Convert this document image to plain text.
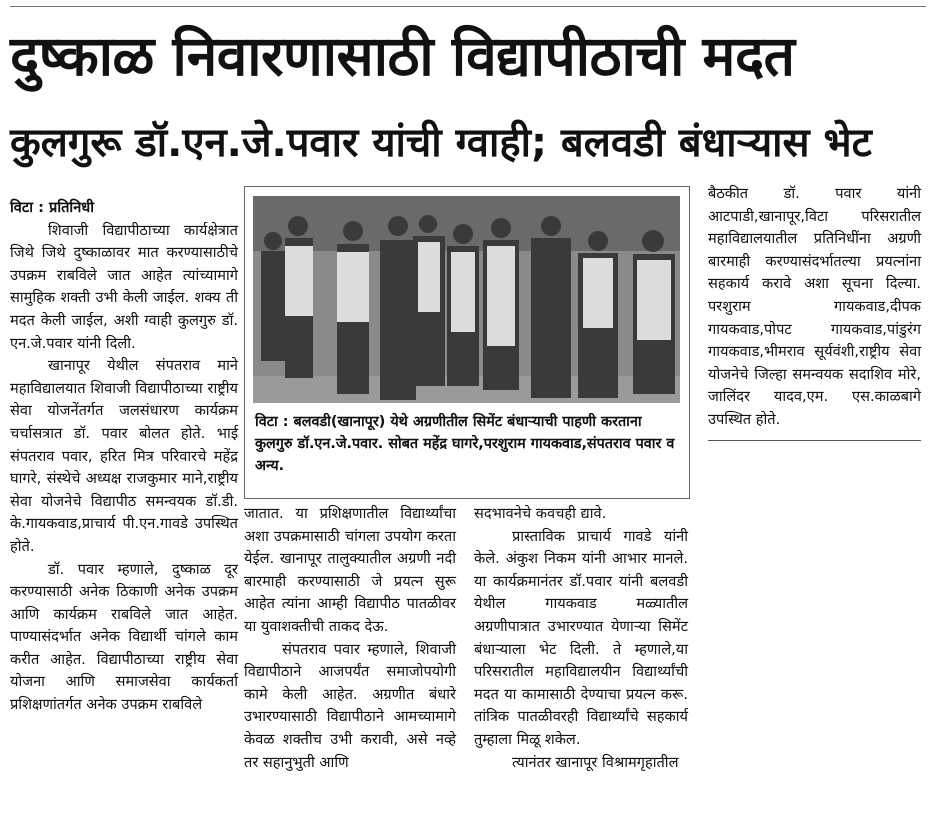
दुष्काळ निवारणासाठी विद्यापीठाची मदत
कुलगुरू डॉ.एन.जे.पवार यांची ग्वाही; बलवडी बंधाऱ्यास भेट

विटा : प्रतिनिधी

शिवाजी विद्यापीठाच्या कार्यक्षेत्रात जिथे जिथे दुष्काळावर मात करण्यासाठीचे उपक्रम राबविले जात आहेत त्यांच्यामागे सामुहिक शक्ती उभी केली जाईल. शक्य ती मदत केली जाईल, अशी ग्वाही कुलगुरु डॉ. एन.जे.पवार यांनी दिली.

खानापूर येथील संपतराव माने महाविद्यालयात शिवाजी विद्यापीठाच्या राष्ट्रीय सेवा योजनेंतर्गत जलसंधारण कार्यक्रम चर्चासत्रात डॉ. पवार बोलत होते. भाई संपतराव पवार, हरित मित्र परिवारचे महेंद्र घागरे, संस्थेचे अध्यक्ष राजकुमार माने,राष्ट्रीय सेवा योजनेचे विद्यापीठ समन्वयक डॉ.डी. के.गायकवाड,प्राचार्य पी.एन.गावडे उपस्थित होते.

डॉ. पवार म्हणाले, दुष्काळ दूर करण्यासाठी अनेक ठिकाणी अनेक उपक्रम आणि कार्यक्रम राबविले जात आहेत. पाण्यासंदर्भात अनेक विद्यार्थी चांगले काम करीत आहेत. विद्यापीठाच्या राष्ट्रीय सेवा योजना आणि समाजसेवा कार्यकर्ता प्रशिक्षणांतर्गत अनेक उपक्रम राबविले

विटा : बलवडी(खानापूर) येथे अग्रणीतील सिमेंट बंधाऱ्याची पाहणी करताना कुलगुरु डॉ.एन.जे.पवार. सोबत महेंद्र घागरे,परशुराम गायकवाड,संपतराव पवार व अन्य.

जातात. या प्रशिक्षणातील विद्यार्थ्यांचा अशा उपक्रमासाठी चांगला उपयोग करता येईल. खानापूर तालुक्यातील अग्रणी नदी बारमाही करण्यासाठी जे प्रयत्न सुरू आहेत त्यांना आम्ही विद्यापीठ पातळीवर या युवाशक्तीची ताकद देऊ.

संपतराव पवार म्हणाले, शिवाजी विद्यापीठाने आजपर्यंत समाजोपयोगी कामे केली आहेत. अग्रणीत बंधारे उभारण्यासाठी विद्यापीठाने आमच्यामागे केवळ शक्तीच उभी करावी, असे नव्हे तर सहानुभुती आणि

सदभावनेचे कवचही द्यावे.

प्रास्ताविक प्राचार्य गावडे यांनी केले. अंकुश निकम यांनी आभार मानले. या कार्यक्रमानंतर डॉ.पवार यांनी बलवडी येथील गायकवाड मळ्यातील अग्रणीपात्रात उभारण्यात येणाऱ्या सिमेंट बंधाऱ्याला भेट दिली. ते म्हणाले,या परिसरातील महाविद्यालयीन विद्यार्थ्यांची मदत या कामासाठी देण्याचा प्रयत्न करू. तांत्रिक पातळीवरही विद्यार्थ्यांचे सहकार्य तुम्हाला मिळू शकेल.

त्यानंतर खानापूर विश्रामगृहातील

बैठकीत डॉ. पवार यांनी आटपाडी,खानापूर,विटा परिसरातील महाविद्यालयातील प्रतिनिधींना अग्रणी बारमाही करण्यासंदर्भातल्या प्रयत्नांना सहकार्य करावे अशा सूचना दिल्या. परशुराम गायकवाड,दीपक गायकवाड,पोपट गायकवाड,पांडुरंग गायकवाड,भीमराव सूर्यवंशी,राष्ट्रीय सेवा योजनेचे जिल्हा समन्वयक सदाशिव मोरे, जालिंदर यादव,एम. एस.काळबागे उपस्थित होते.
